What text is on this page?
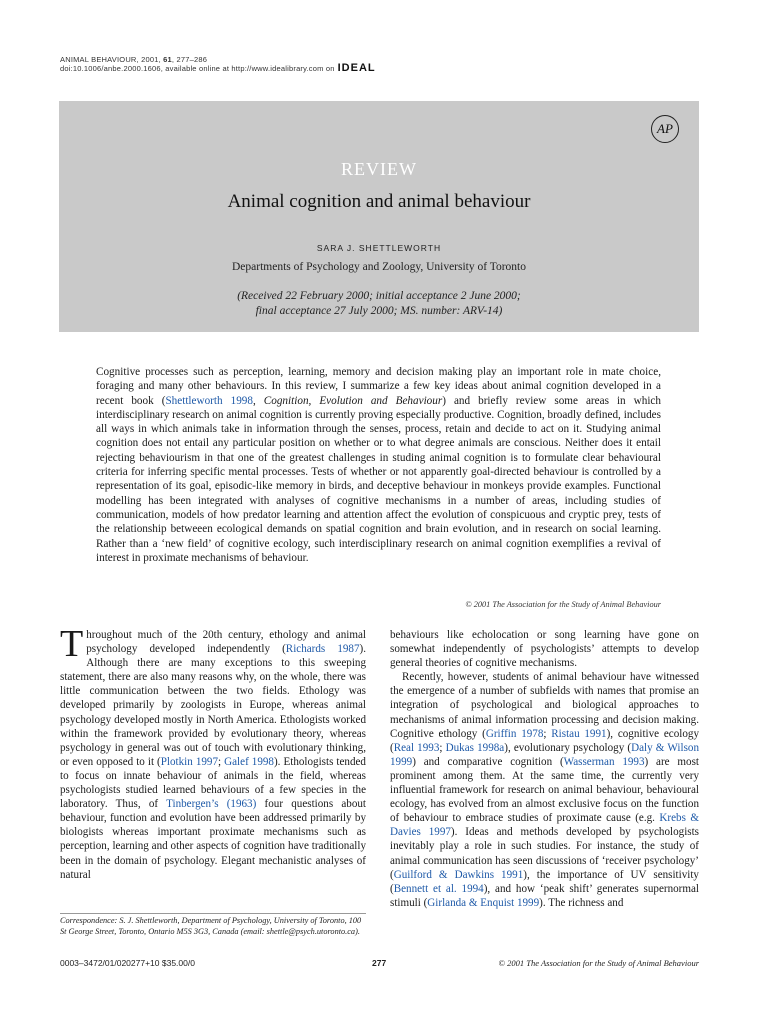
ANIMAL BEHAVIOUR, 2001, 61, 277–286
doi:10.1006/anbe.2000.1606, available online at http://www.idealibrary.com on IDEAL
AP
REVIEW
Animal cognition and animal behaviour
SARA J. SHETTLEWORTH
Departments of Psychology and Zoology, University of Toronto
(Received 22 February 2000; initial acceptance 2 June 2000;
final acceptance 27 July 2000; MS. number: ARV-14)
Cognitive processes such as perception, learning, memory and decision making play an important role in mate choice, foraging and many other behaviours. In this review, I summarize a few key ideas about animal cognition developed in a recent book (Shettleworth 1998, Cognition, Evolution and Behaviour) and briefly review some areas in which interdisciplinary research on animal cognition is currently proving especially productive. Cognition, broadly defined, includes all ways in which animals take in information through the senses, process, retain and decide to act on it. Studying animal cognition does not entail any particular position on whether or to what degree animals are conscious. Neither does it entail rejecting behaviourism in that one of the greatest challenges in studing animal cognition is to formulate clear behavioural criteria for inferring specific mental processes. Tests of whether or not apparently goal-directed behaviour is controlled by a representation of its goal, episodic-like memory in birds, and deceptive behaviour in monkeys provide examples. Functional modelling has been integrated with analyses of cognitive mechanisms in a number of areas, including studies of communication, models of how predator learning and attention affect the evolution of conspicuous and cryptic prey, tests of the relationship betweeen ecological demands on spatial cognition and brain evolution, and in research on social learning. Rather than a ‘new field’ of cognitive ecology, such interdisciplinary research on animal cognition exemplifies a revival of interest in proximate mechanisms of behaviour.
© 2001 The Association for the Study of Animal Behaviour
Throughout much of the 20th century, ethology and animal psychology developed independently (Richards 1987). Although there are many exceptions to this sweeping statement, there are also many reasons why, on the whole, there was little communication between the two fields. Ethology was developed primarily by zoologists in Europe, whereas animal psychology developed mostly in North America. Ethologists worked within the framework provided by evolutionary theory, whereas psychology in general was out of touch with evolutionary thinking, or even opposed to it (Plotkin 1997; Galef 1998). Ethologists tended to focus on innate behaviour of animals in the field, whereas psychologists studied learned behaviours of a few species in the laboratory. Thus, of Tinbergen’s (1963) four questions about behaviour, function and evolution have been addressed primarily by biologists whereas important proximate mechanisms such as perception, learning and other aspects of cognition have traditionally been in the domain of psychology. Elegant mechanistic analyses of natural
Correspondence: S. J. Shettleworth, Department of Psychology, University of Toronto, 100 St George Street, Toronto, Ontario M5S 3G3, Canada (email: shettle@psych.utoronto.ca).
behaviours like echolocation or song learning have gone on somewhat independently of psychologists’ attempts to develop general theories of cognitive mechanisms.
Recently, however, students of animal behaviour have witnessed the emergence of a number of subfields with names that promise an integration of psychological and biological approaches to mechanisms of animal information processing and decision making. Cognitive ethology (Griffin 1978; Ristau 1991), cognitive ecology (Real 1993; Dukas 1998a), evolutionary psychology (Daly & Wilson 1999) and comparative cognition (Wasserman 1993) are most prominent among them. At the same time, the currently very influential framework for research on animal behaviour, behavioural ecology, has evolved from an almost exclusive focus on the function of behaviour to embrace studies of proximate cause (e.g. Krebs & Davies 1997). Ideas and methods developed by psychologists inevitably play a role in such studies. For instance, the study of animal communication has seen discussions of ‘receiver psychology’ (Guilford & Dawkins 1991), the importance of UV sensitivity (Bennett et al. 1994), and how ‘peak shift’ generates supernormal stimuli (Girlanda & Enquist 1999). The richness and
0003–3472/01/020277+10 $35.00/0	277	© 2001 The Association for the Study of Animal Behaviour
